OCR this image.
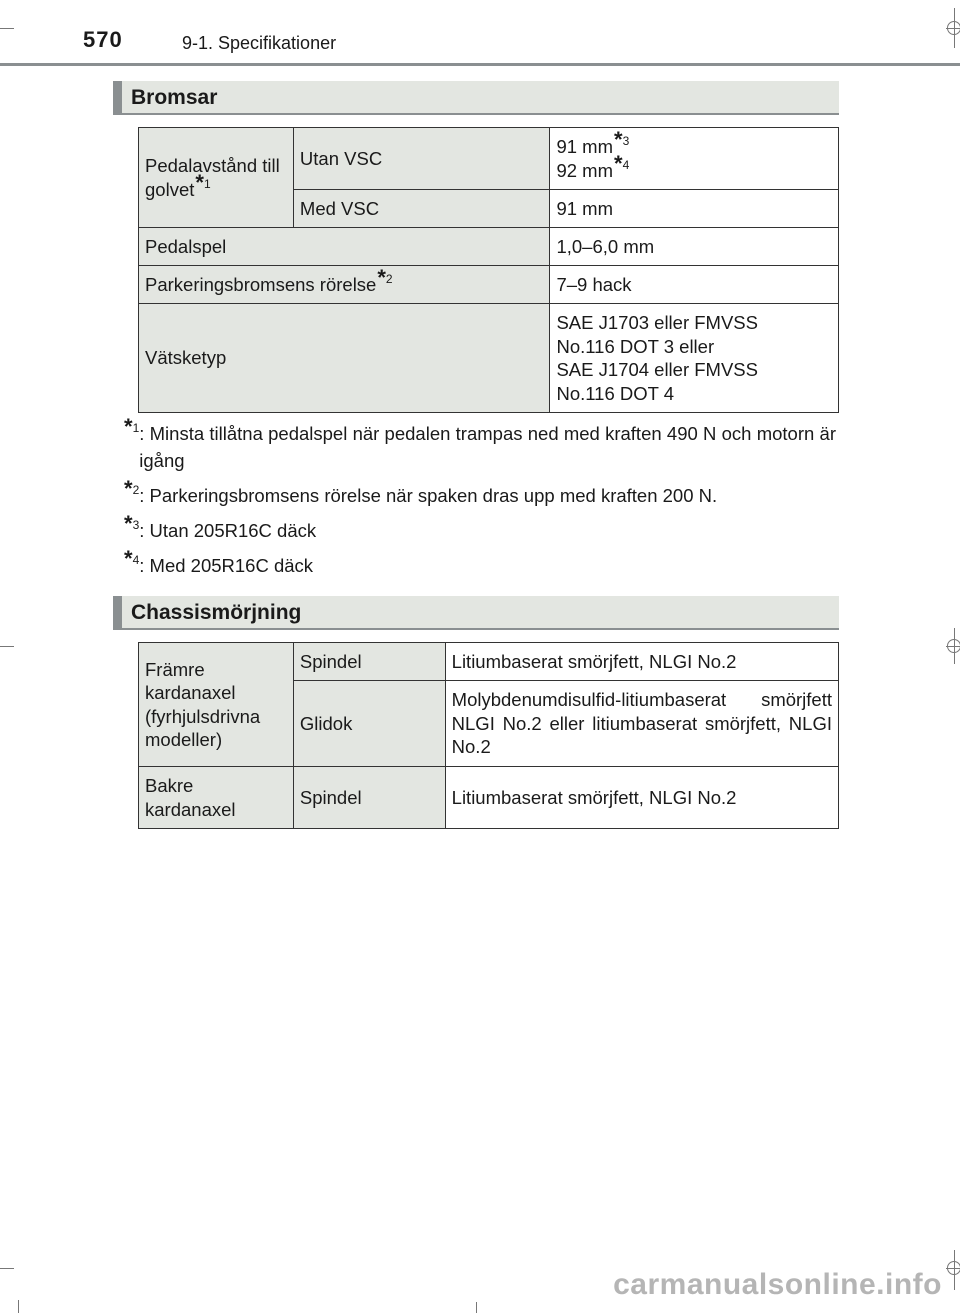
570	9-1. Specifikationer
Bromsar
Pedalavstånd till golvet*$^1$	Utan VSC	91 mm*$^3$
92 mm*$^4$
	Med VSC	91 mm
Pedalspel		1,0–6,0 mm
Parkeringsbromsens rörelse*$^2$		7–9 hack
Vätsketyp		SAE J1703 eller FMVSS
No.116 DOT 3 eller
SAE J1704 eller FMVSS
No.116 DOT 4
*$^1$ : Minsta tillåtna pedalspel när pedalen trampas ned med kraften 490 N och motorn är igång
*$^2$ : Parkeringsbromsens rörelse när spaken dras upp med kraften 200 N.
*$^3$ : Utan 205R16C däck
*$^4$ : Med 205R16C däck
Chassismörjning
Främre kardanaxel (fyrhjulsdrivna modeller)	Spindel	Litiumbaserat smörjfett, NLGI No.2
	Glidok	Molybdenumdisulfid-litiumbaserat smörjfett NLGI No.2 eller litiumbaserat smörjfett, NLGI No.2
Bakre kardanaxel	Spindel	Litiumbaserat smörjfett, NLGI No.2
carmanualsonline.info
